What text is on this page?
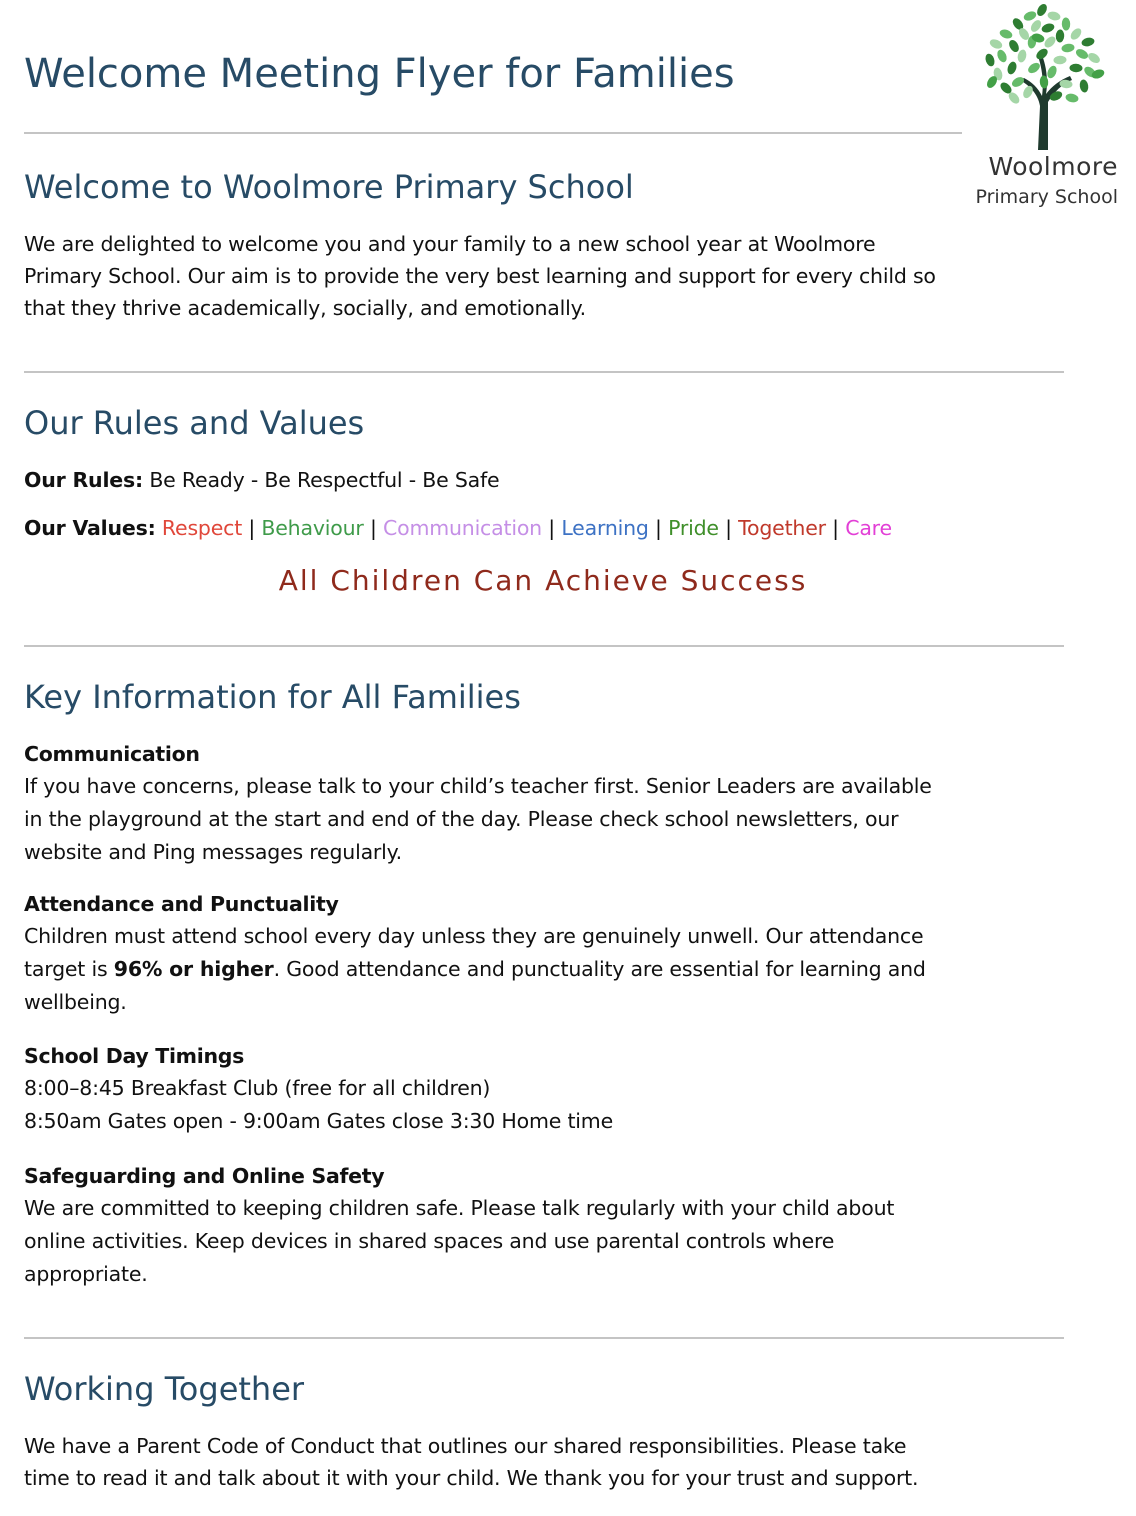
Welcome Meeting Flyer for Families
Woolmore
Primary School
Welcome to Woolmore Primary School
We are delighted to welcome you and your family to a new school year at Woolmore
Primary School. Our aim is to provide the very best learning and support for every child so
that they thrive academically, socially, and emotionally.
Our Rules and Values
Our Rules: Be Ready - Be Respectful - Be Safe
Our Values: Respect | Behaviour | Communication | Learning | Pride | Together | Care
All Children Can Achieve Success
Key Information for All Families
Communication
If you have concerns, please talk to your child’s teacher first. Senior Leaders are available
in the playground at the start and end of the day. Please check school newsletters, our
website and Ping messages regularly.
Attendance and Punctuality
Children must attend school every day unless they are genuinely unwell. Our attendance
target is 96% or higher. Good attendance and punctuality are essential for learning and
wellbeing.
School Day Timings
8:00–8:45 Breakfast Club (free for all children)
8:50am Gates open - 9:00am Gates close 3:30 Home time
Safeguarding and Online Safety
We are committed to keeping children safe. Please talk regularly with your child about
online activities. Keep devices in shared spaces and use parental controls where
appropriate.
Working Together
We have a Parent Code of Conduct that outlines our shared responsibilities. Please take
time to read it and talk about it with your child. We thank you for your trust and support.
